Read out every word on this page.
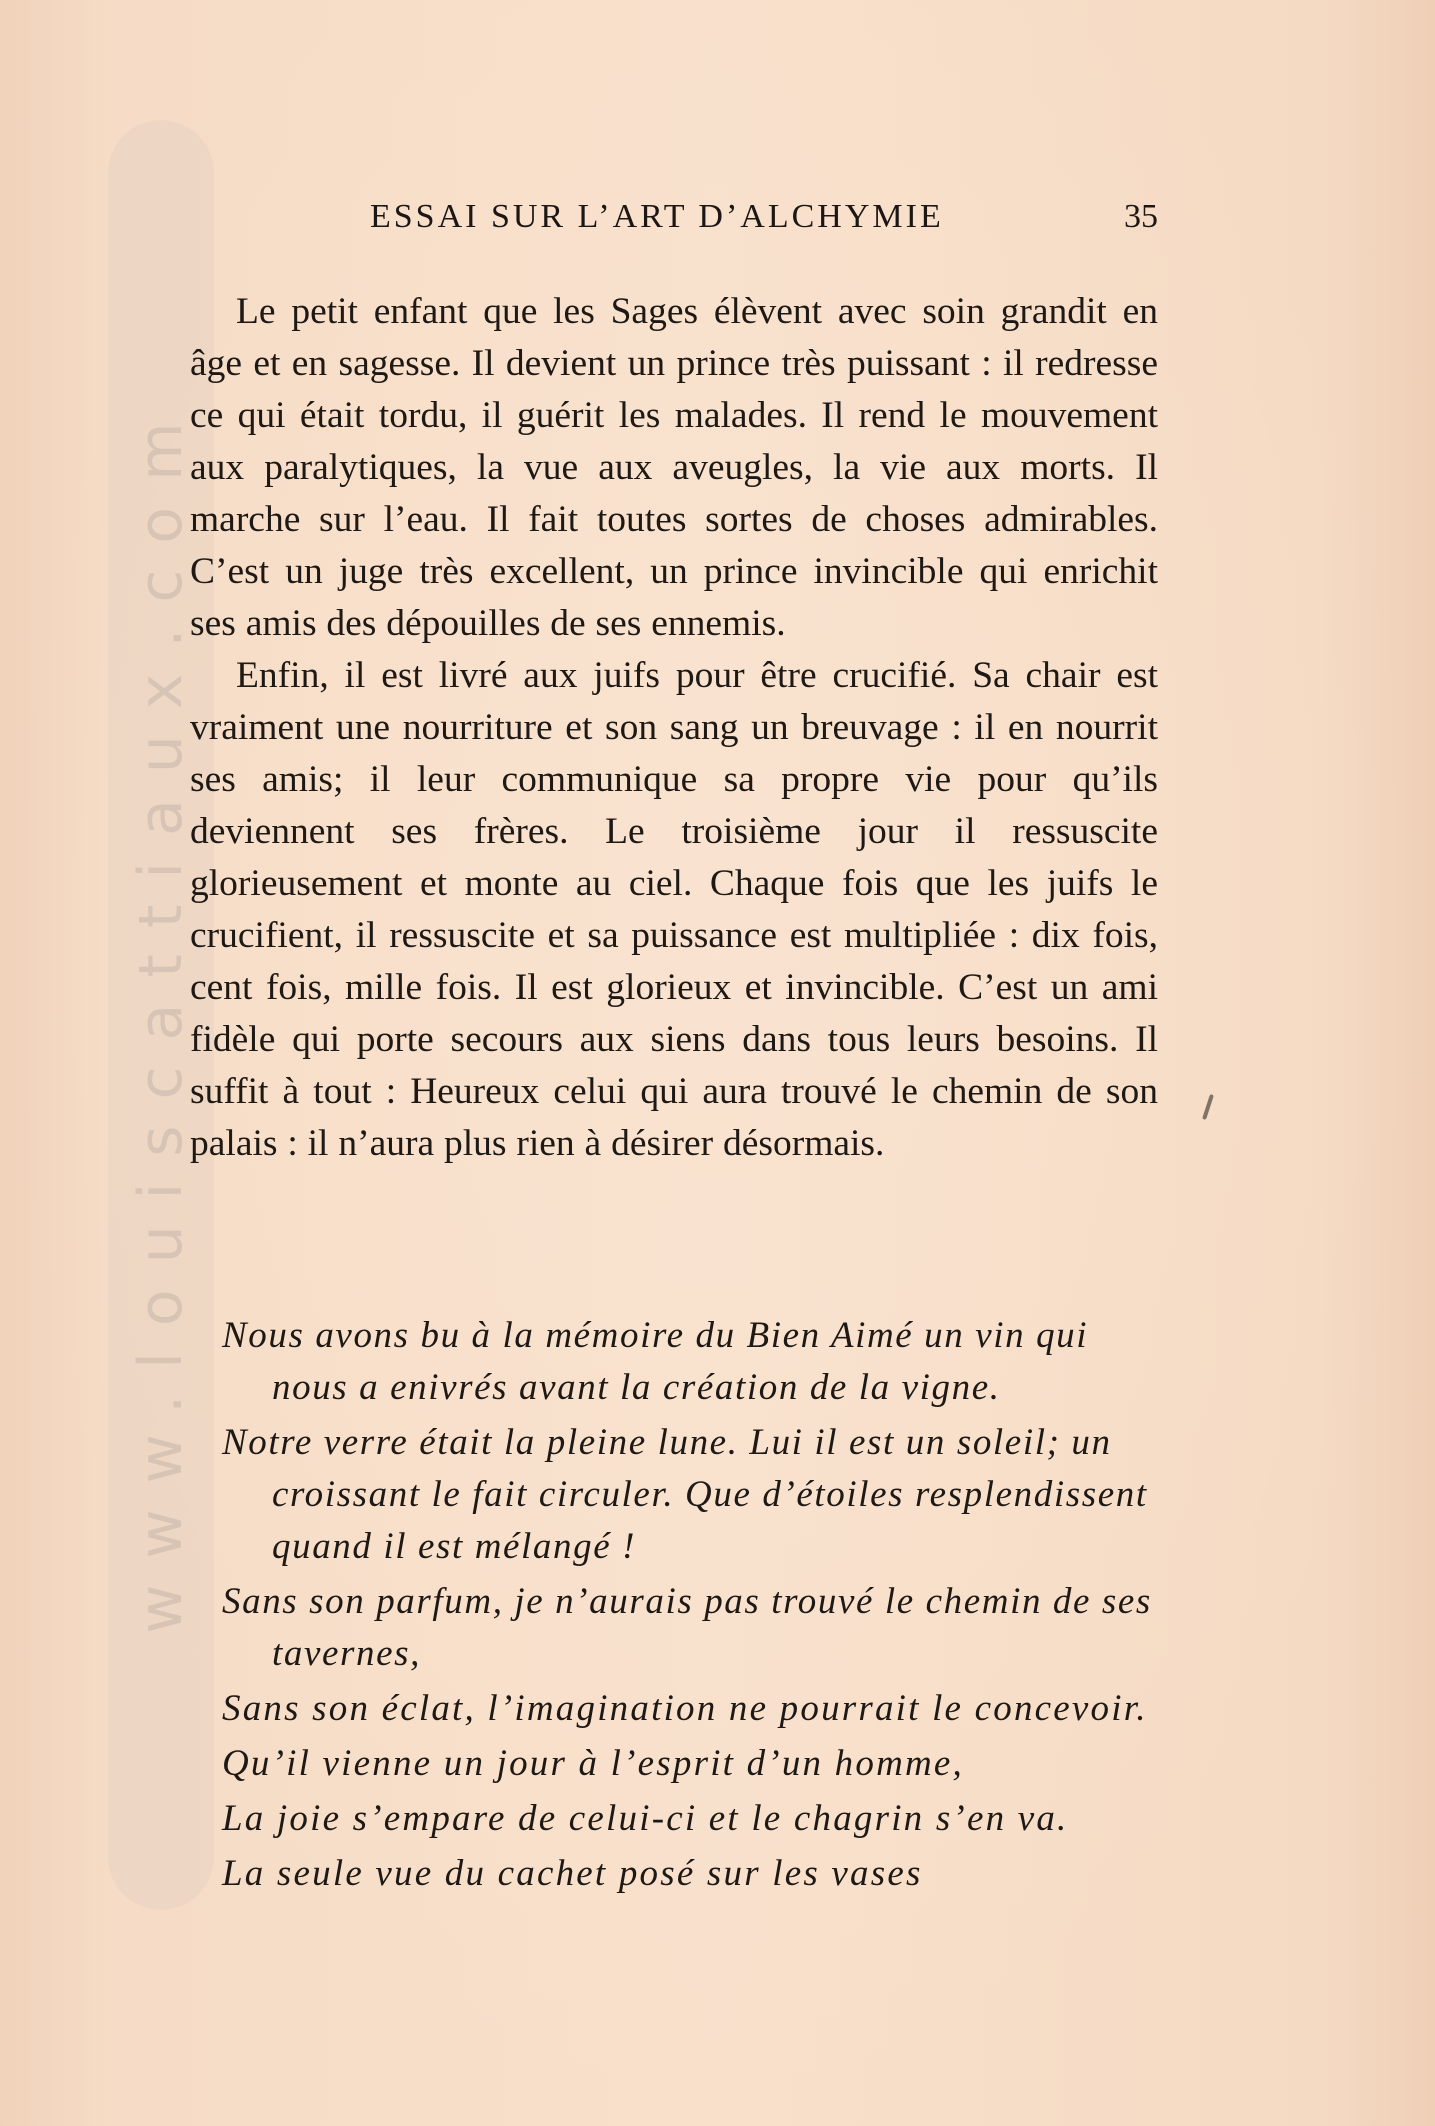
www.louiscattiaux.com
ESSAI SUR L’ART D’ALCHYMIE	35

Le petit enfant que les Sages élèvent avec soin grandit en âge et en sagesse. Il devient un prince très puissant : il redresse ce qui était tordu, il guérit les malades. Il rend le mouvement aux paralytiques, la vue aux aveugles, la vie aux morts. Il marche sur l’eau. Il fait toutes sortes de choses admirables. C’est un juge très excellent, un prince invincible qui enrichit ses amis des dépouilles de ses ennemis.

Enfin, il est livré aux juifs pour être crucifié. Sa chair est vraiment une nourriture et son sang un breuvage : il en nourrit ses amis; il leur communique sa propre vie pour qu’ils deviennent ses frères. Le troisième jour il ressuscite glorieusement et monte au ciel. Chaque fois que les juifs le crucifient, il ressuscite et sa puissance est multipliée : dix fois, cent fois, mille fois. Il est glorieux et invincible. C’est un ami fidèle qui porte secours aux siens dans tous leurs besoins. Il suffit à tout : Heureux celui qui aura trouvé le chemin de son palais : il n’aura plus rien à désirer désormais.

Nous avons bu à la mémoire du Bien Aimé un vin qui nous a enivrés avant la création de la vigne.

Notre verre était la pleine lune. Lui il est un soleil; un croissant le fait circuler. Que d’étoiles resplendissent quand il est mélangé !

Sans son parfum, je n’aurais pas trouvé le chemin de ses tavernes,

Sans son éclat, l’imagination ne pourrait le concevoir.

Qu’il vienne un jour à l’esprit d’un homme,

La joie s’empare de celui-ci et le chagrin s’en va.

La seule vue du cachet posé sur les vases
